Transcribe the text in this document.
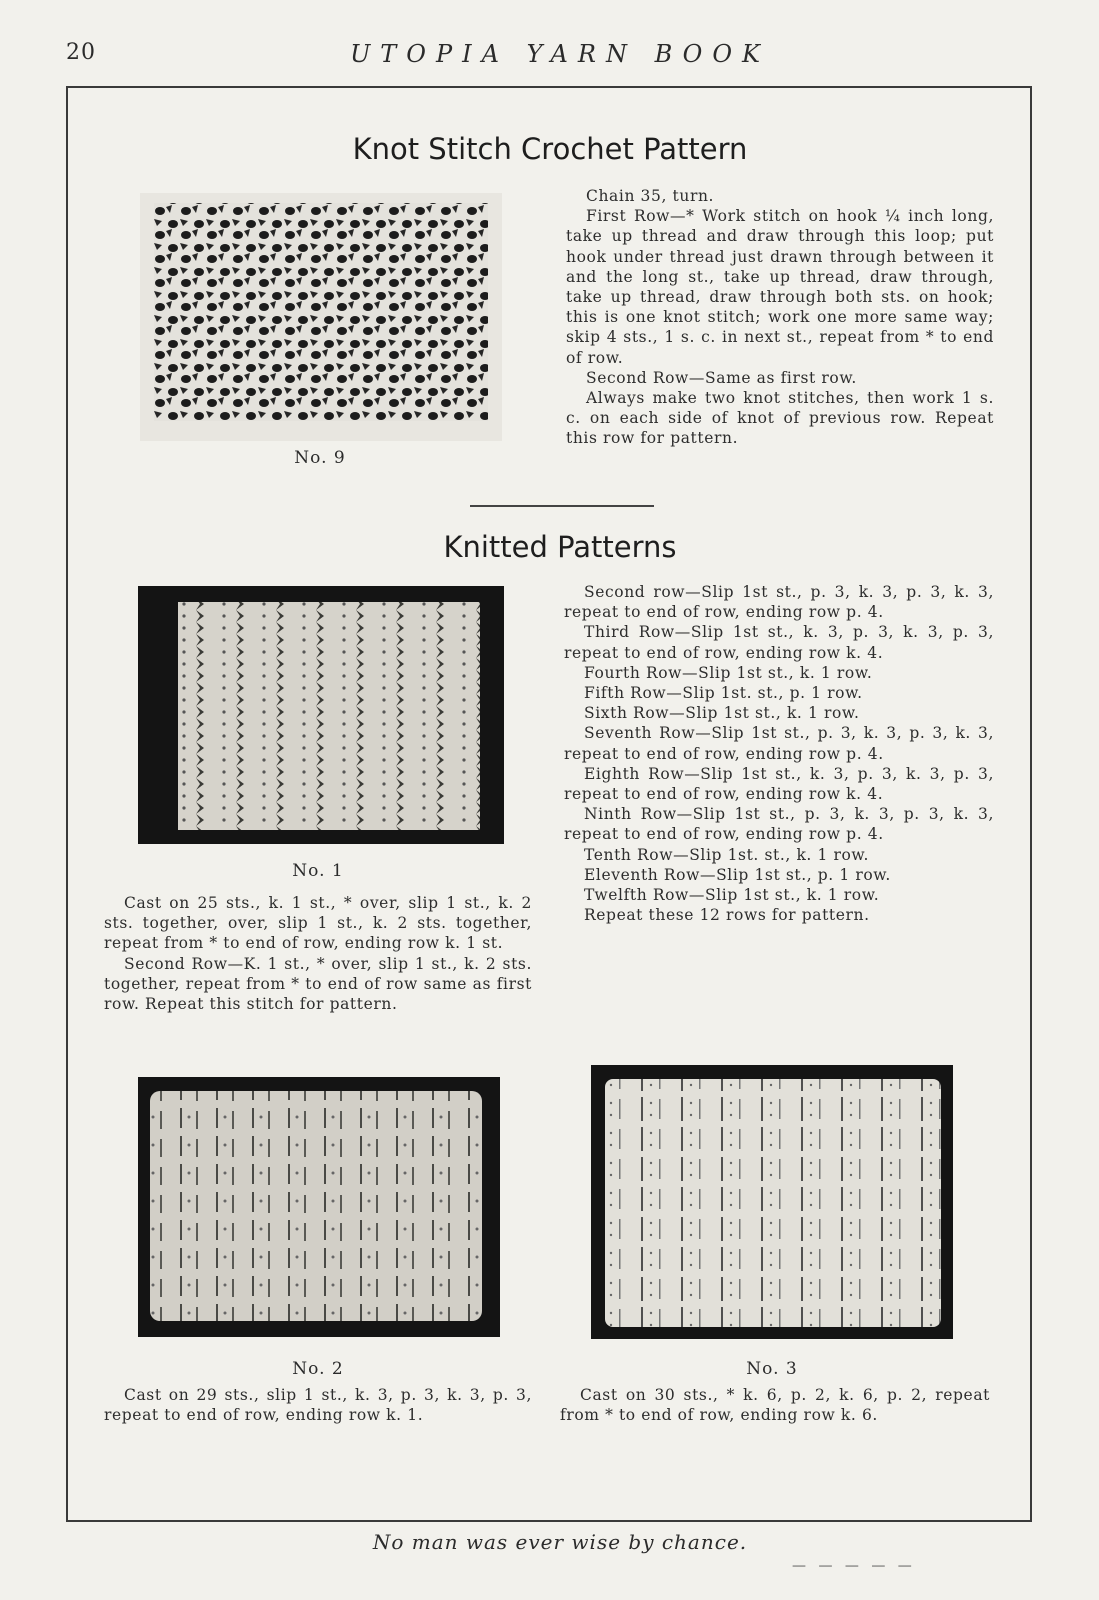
20	UTOPIA YARN BOOK
Knot Stitch Crochet Pattern
No. 9

Chain 35, turn.

First Row—* Work stitch on hook ¼ inch long, take up thread and draw through this loop; put hook under thread just drawn through between it and the long st., take up thread, draw through, take up thread, draw through both sts. on hook; this is one knot stitch; work one more same way; skip 4 sts., 1 s. c. in next st., repeat from * to end of row.

Second Row—Same as first row.

Always make two knot stitches, then work 1 s. c. on each side of knot of previous row. Repeat this row for pattern.

Knitted Patterns
No. 1

Cast on 25 sts., k. 1 st., * over, slip 1 st., k. 2 sts. together, over, slip 1 st., k. 2 sts. together, repeat from * to end of row, ending row k. 1 st.

Second Row—K. 1 st., * over, slip 1 st., k. 2 sts. together, repeat from * to end of row same as first row. Repeat this stitch for pattern.

Second row—Slip 1st st., p. 3, k. 3, p. 3, k. 3, repeat to end of row, ending row p. 4.

Third Row—Slip 1st st., k. 3, p. 3, k. 3, p. 3, repeat to end of row, ending row k. 4.

Fourth Row—Slip 1st st., k. 1 row.

Fifth Row—Slip 1st. st., p. 1 row.

Sixth Row—Slip 1st st., k. 1 row.

Seventh Row—Slip 1st st., p. 3, k. 3, p. 3, k. 3, repeat to end of row, ending row p. 4.

Eighth Row—Slip 1st st., k. 3, p. 3, k. 3, p. 3, repeat to end of row, ending row k. 4.

Ninth Row—Slip 1st st., p. 3, k. 3, p. 3, k. 3, repeat to end of row, ending row p. 4.

Tenth Row—Slip 1st. st., k. 1 row.

Eleventh Row—Slip 1st st., p. 1 row.

Twelfth Row—Slip 1st st., k. 1 row.

Repeat these 12 rows for pattern.

No. 2

Cast on 29 sts., slip 1 st., k. 3, p. 3, k. 3, p. 3, repeat to end of row, ending row k. 1.

No. 3

Cast on 30 sts., * k. 6, p. 2, k. 6, p. 2, repeat from * to end of row, ending row k. 6.

No man was ever wise by chance.
— — — — —
